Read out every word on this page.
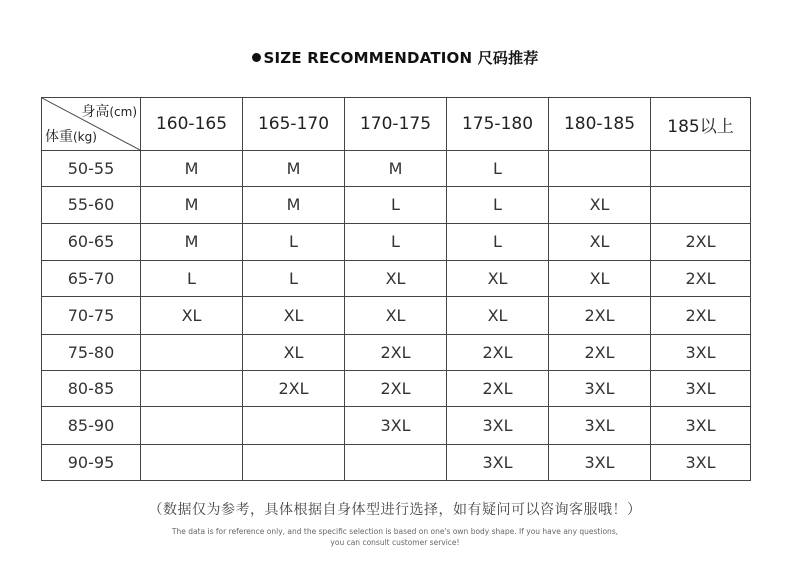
SIZE RECOMMENDATION 尺码推荐
身高(cm)
体重(kg)	160-165	165-170	170-175	175-180	180-185	185以上
50-55	M	M	M	L		
55-60	M	M	L	L	XL	
60-65	M	L	L	L	XL	2XL
65-70	L	L	XL	XL	XL	2XL
70-75	XL	XL	XL	XL	2XL	2XL
75-80		XL	2XL	2XL	2XL	3XL
80-85		2XL	2XL	2XL	3XL	3XL
85-90			3XL	3XL	3XL	3XL
90-95				3XL	3XL	3XL
（数据仅为参考，具体根据自身体型进行选择，如有疑问可以咨询客服哦！）
The data is for reference only, and the specific selection is based on one's own body shape. If you have any questions,
you can consult customer service!
